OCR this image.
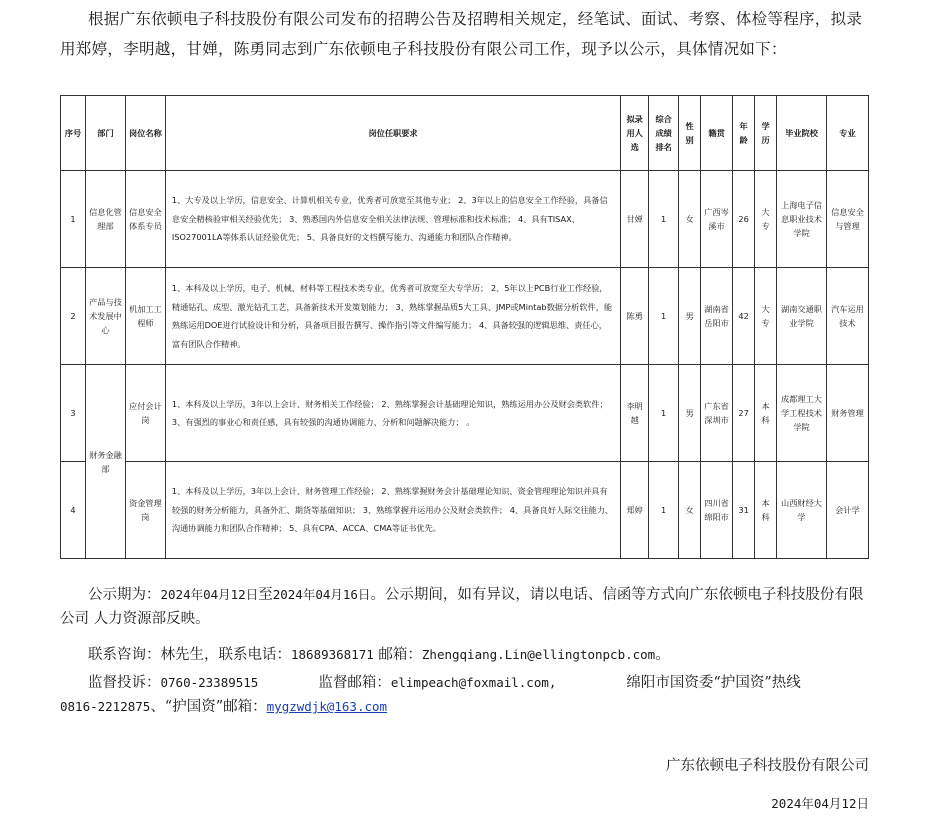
根据广东依顿电子科技股份有限公司发布的招聘公告及招聘相关规定，经笔试、面试、考察、体检等程序，拟录用郑婷，李明越，甘婵，陈勇同志到广东依顿电子科技股份有限公司工作，现予以公示，具体情况如下：

序号	部门	岗位名称	岗位任职要求	拟录用人选	综合成绩排名	性别	籍贯	年龄	学历	毕业院校	专业
1	信息化管理部	信息安全体系专员	1、大专及以上学历，信息安全、计算机相关专业，优秀者可放宽至其他专业； 2、3年以上的信息安全工作经验，具备信息安全精核验审相关经验优先； 3、熟悉国内外信息安全相关法律法规、管理标准和技术标准； 4、具有TISAX、ISO27001LA等体系认证经验优先； 5、具备良好的文档撰写能力、沟通能力和团队合作精神。	甘婵	1	女	广西岑溪市	26	大专	上海电子信息职业技术学院	信息安全与管理
2	产品与技术发展中心	机加工工程师	1、本科及以上学历，电子、机械、材料等工程技术类专业，优秀者可放宽至大专学历； 2、5年以上PCB行业工作经验，精通钻孔、成型、激光钻孔工艺，具备新技术开发策划能力； 3、熟练掌握品质5大工具、JMP或Mintab数据分析软件，能熟练运用DOE进行试验设计和分析，具备项目报告撰写、操作指引等文件编写能力； 4、具备较强的逻辑思维、责任心，富有团队合作精神。	陈勇	1	男	湖南省岳阳市	42	大专	湖南交通职业学院	汽车运用技术
3	财务金融部	应付会计岗	1、本科及以上学历，3年以上会计、财务相关工作经验； 2、熟练掌握会计基础理论知识，熟练运用办公及财会类软件； 3、有强烈的事业心和责任感，具有较强的沟通协调能力、分析和问题解决能力； 。	李明越	1	男	广东省深圳市	27	本科	成都理工大学工程技术学院	财务管理
4		资金管理岗	1、本科及以上学历，3年以上会计、财务管理工作经验； 2、熟练掌握财务会计基础理论知识、资金管理理论知识并具有较强的财务分析能力，具备外汇、期货等基础知识； 3、熟练掌握并运用办公及财会类软件； 4、具备良好人际交往能力、沟通协调能力和团队合作精神； 5、具有CPA、ACCA、CMA等证书优先。	郑婷	1	女	四川省绵阳市	31	本科	山西财经大学	会计学

公示期为：2024年04月12日至2024年04月16日。公示期间，如有异议，请以电话、信函等方式向广东依顿电子科技股份有限公司 人力资源部反映。

联系咨询：林先生，联系电话：18689368171 邮箱：Zhengqiang.Lin@ellingtonpcb.com。

监督投诉：0760-23389515	监督邮箱：elimpeach@foxmail.com,	绵阳市国资委“护国资”热线
0816-2212875、“护国资”邮箱：mygzwdjk@163.com

广东依顿电子科技股份有限公司
2024年04月12日
